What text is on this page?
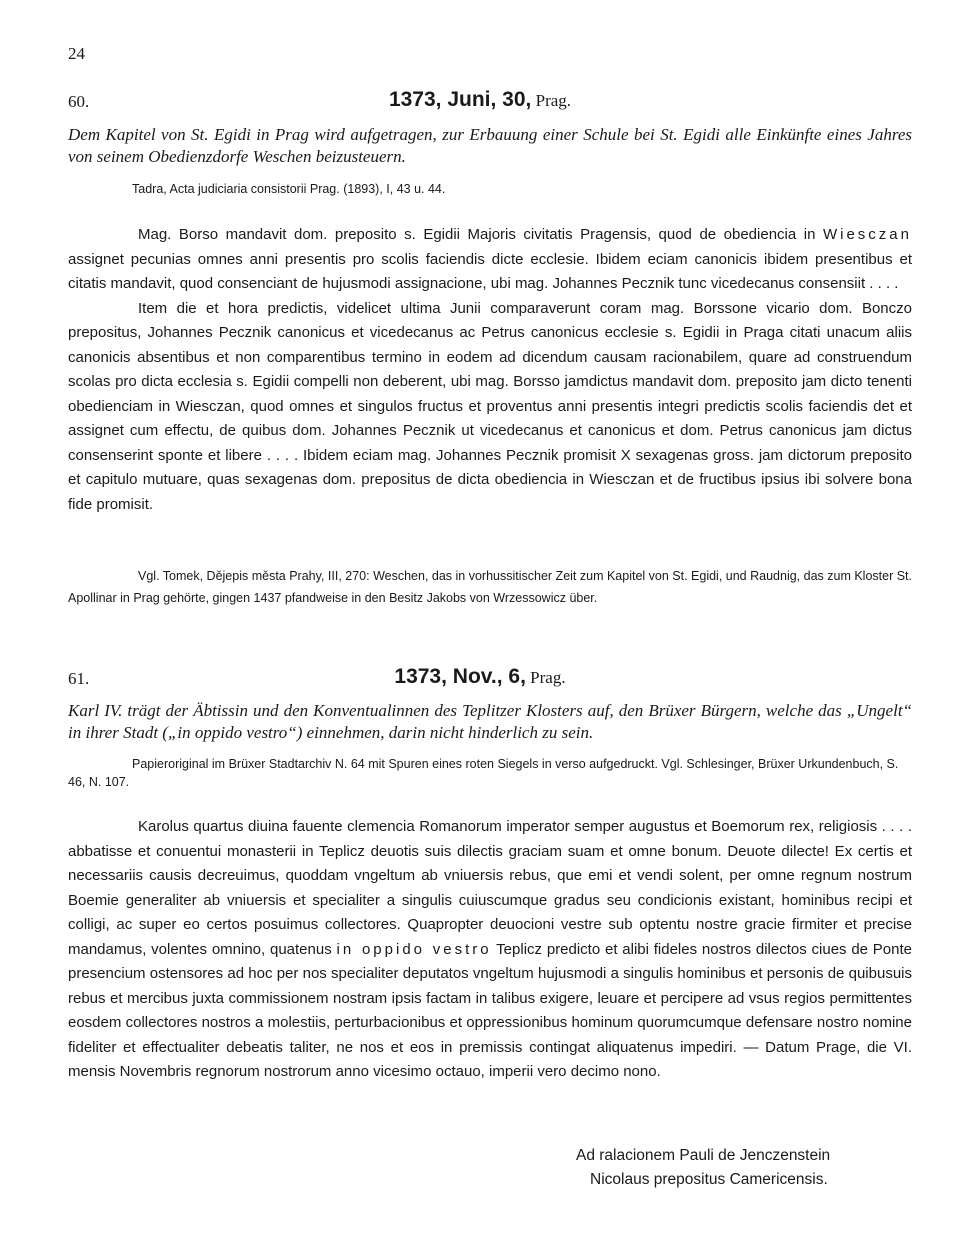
24
60.	1373, Juni, 30, Prag.
Dem Kapitel von St. Egidi in Prag wird aufgetragen, zur Erbauung einer Schule bei St. Egidi alle Einkünfte eines Jahres von seinem Obedienzdorfe Weschen beizusteuern.
Tadra, Acta judiciaria consistorii Prag. (1893), I, 43 u. 44.

Mag. Borso mandavit dom. preposito s. Egidii Majoris civitatis Pragensis, quod de obediencia in Wiesczan assignet pecunias omnes anni presentis pro scolis faciendis dicte ecclesie. Ibidem eciam canonicis ibidem presentibus et citatis mandavit, quod consenciant de hujusmodi assignacione, ubi mag. Johannes Pecznik tunc vicedecanus consensiit . . . .

Item die et hora predictis, videlicet ultima Junii comparaverunt coram mag. Borssone vicario dom. Bonczo prepositus, Johannes Pecznik canonicus et vicedecanus ac Petrus canonicus ecclesie s. Egidii in Praga citati unacum aliis canonicis absentibus et non comparentibus termino in eodem ad dicendum causam racionabilem, quare ad construendum scolas pro dicta ecclesia s. Egidii compelli non deberent, ubi mag. Borsso jamdictus mandavit dom. preposito jam dicto tenenti obedienciam in Wiesczan, quod omnes et singulos fructus et proventus anni presentis integri predictis scolis faciendis det et assignet cum effectu, de quibus dom. Johannes Pecznik ut vicedecanus et canonicus et dom. Petrus canonicus jam dictus consenserint sponte et libere . . . . Ibidem eciam mag. Johannes Pecznik promisit X sexagenas gross. jam dictorum preposito et capitulo mutuare, quas sexagenas dom. prepositus de dicta obediencia in Wiesczan et de fructibus ipsius ibi solvere bona fide promisit.

Vgl. Tomek, Dějepis města Prahy, III, 270: Weschen, das in vorhussitischer Zeit zum Kapitel von St. Egidi, und Raudnig, das zum Kloster St. Apollinar in Prag gehörte, gingen 1437 pfandweise in den Besitz Jakobs von Wrzessowicz über.
61.	1373, Nov., 6, Prag.
Karl IV. trägt der Äbtissin und den Konventualinnen des Teplitzer Klosters auf, den Brüxer Bürgern, welche das „Ungelt“ in ihrer Stadt („in oppido vestro“) einnehmen, darin nicht hinderlich zu sein.
Papieroriginal im Brüxer Stadtarchiv N. 64 mit Spuren eines roten Siegels in verso aufgedruckt. Vgl. Schlesinger, Brüxer Urkundenbuch, S. 46, N. 107.

Karolus quartus diuina fauente clemencia Romanorum imperator semper augustus et Boemorum rex, religiosis . . . . abbatisse et conuentui monasterii in Teplicz deuotis suis dilectis graciam suam et omne bonum. Deuote dilecte! Ex certis et necessariis causis decreuimus, quoddam vngeltum ab vniuersis rebus, que emi et vendi solent, per omne regnum nostrum Boemie generaliter ab vniuersis et specialiter a singulis cuiuscumque gradus seu condicionis existant, hominibus recipi et colligi, ac super eo certos posuimus collectores. Quapropter deuocioni vestre sub optentu nostre gracie firmiter et precise mandamus, volentes omnino, quatenus in oppido vestro Teplicz predicto et alibi fideles nostros dilectos ciues de Ponte presencium ostensores ad hoc per nos specialiter deputatos vngeltum hujusmodi a singulis hominibus et personis de quibusuis rebus et mercibus juxta commissionem nostram ipsis factam in talibus exigere, leuare et percipere ad vsus regios permittentes eosdem collectores nostros a molestiis, perturbacionibus et oppressionibus hominum quorumcumque defensare nostro nomine fideliter et effectualiter debeatis taliter, ne nos et eos in premissis contingat aliquatenus impediri. — Datum Prage, die VI. mensis Novembris regnorum nostrorum anno vicesimo octauo, imperii vero decimo nono.

Ad ralacionem Pauli de Jenczenstein
Nicolaus prepositus Camericensis.
